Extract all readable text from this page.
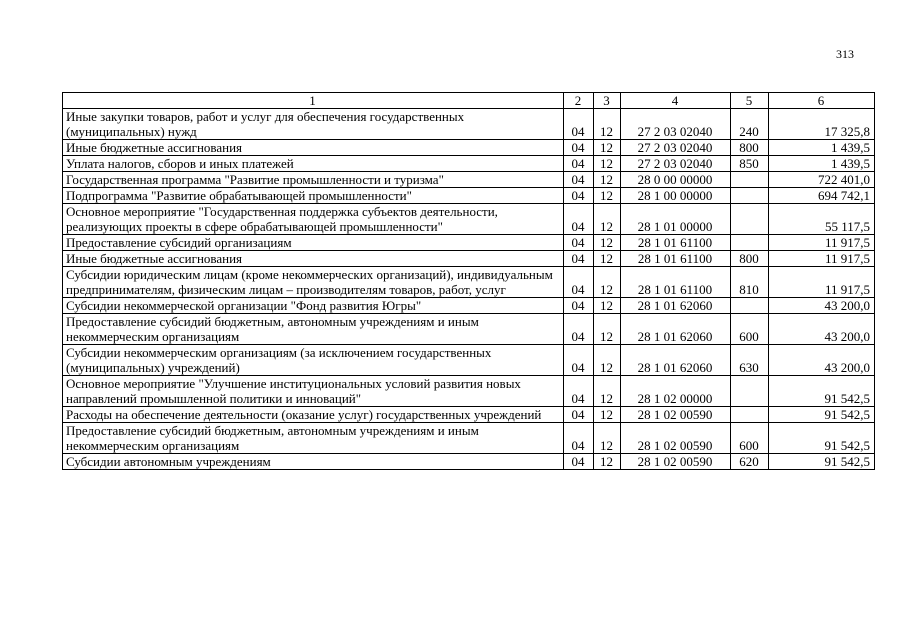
313
1	2	3	4	5	6
Иные закупки товаров, работ и услуг для обеспечения государственных (муниципальных) нужд	04	12	27 2 03 02040	240	17 325,8
Иные бюджетные ассигнования	04	12	27 2 03 02040	800	1 439,5
Уплата налогов, сборов и иных платежей	04	12	27 2 03 02040	850	1 439,5
Государственная программа "Развитие промышленности и туризма"	04	12	28 0 00 00000		722 401,0
Подпрограмма "Развитие обрабатывающей промышленности"	04	12	28 1 00 00000		694 742,1
Основное мероприятие "Государственная поддержка субъектов деятельности, реализующих проекты в сфере обрабатывающей промышленности"	04	12	28 1 01 00000		55 117,5
Предоставление субсидий организациям	04	12	28 1 01 61100		11 917,5
Иные бюджетные ассигнования	04	12	28 1 01 61100	800	11 917,5
Субсидии юридическим лицам (кроме некоммерческих организаций), индивидуальным предпринимателям, физическим лицам – производителям товаров, работ, услуг	04	12	28 1 01 61100	810	11 917,5
Субсидии некоммерческой организации "Фонд развития Югры"	04	12	28 1 01 62060		43 200,0
Предоставление субсидий бюджетным, автономным учреждениям и иным некоммерческим организациям	04	12	28 1 01 62060	600	43 200,0
Субсидии некоммерческим организациям (за исключением государственных (муниципальных) учреждений)	04	12	28 1 01 62060	630	43 200,0
Основное мероприятие "Улучшение институциональных условий развития новых направлений промышленной политики и инноваций"	04	12	28 1 02 00000		91 542,5
Расходы на обеспечение деятельности (оказание услуг) государственных учреждений	04	12	28 1 02 00590		91 542,5
Предоставление субсидий бюджетным, автономным учреждениям и иным некоммерческим организациям	04	12	28 1 02 00590	600	91 542,5
Субсидии автономным учреждениям	04	12	28 1 02 00590	620	91 542,5
